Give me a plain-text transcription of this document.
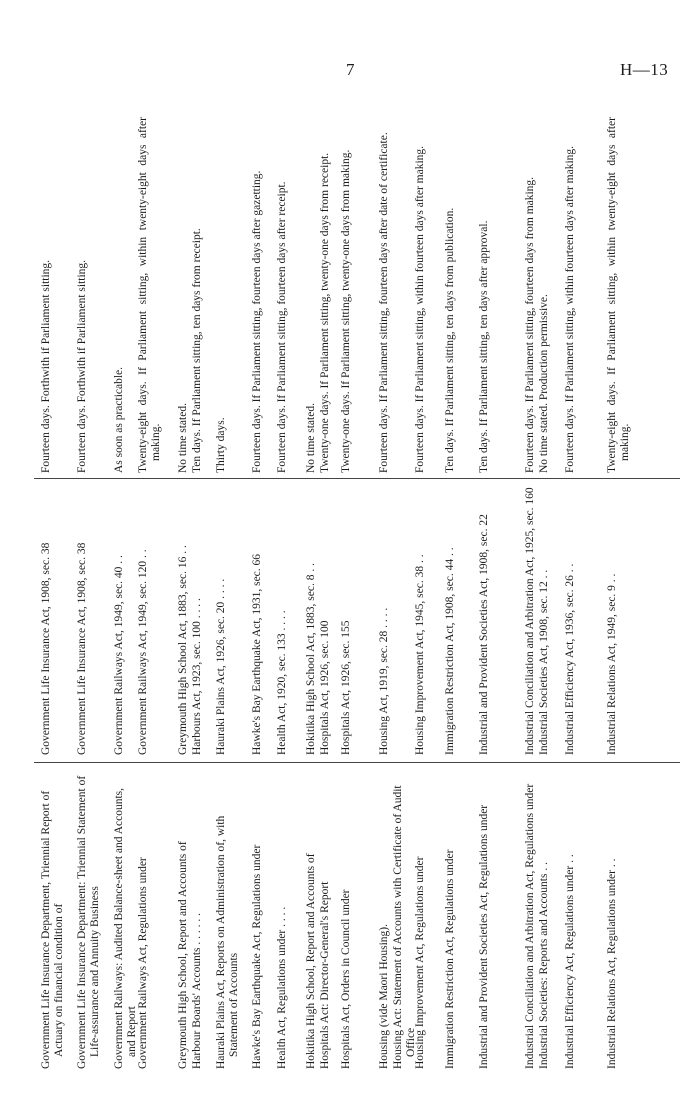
7	H—13
Government Life Insurance Department, Triennial Report of Actuary on financial condition of
Government Life Insurance Act, 1908, sec. 38
Fourteen days. Forthwith if Parliament sitting.
Government Life Insurance Department: Triennial Statement of Life-assurance and Annuity Business
Government Life Insurance Act, 1908, sec. 38
Fourteen days. Forthwith if Parliament sitting.
Government Railways: Audited Balance-sheet and Accounts, and Report
Government Railways Act, 1949, sec. 40 . .
As soon as practicable.
Government Railways Act, Regulations under
Government Railways Act, 1949, sec. 120 . .
Twenty-eight days. If Parliament sitting, within twenty-eight days after making.
Greymouth High School, Report and Accounts of Harbour Boards' Accounts . . . . . .
Greymouth High School Act, 1883, sec. 16 . . Harbours Act, 1923, sec. 100 . . . .
No time stated. Ten days. If Parliament sitting, ten days from receipt.
Hauraki Plains Act, Reports on Administration of, with Statement of Accounts
Hauraki Plains Act, 1926, sec. 20 . . . .
Thirty days.
Hawke's Bay Earthquake Act, Regulations under
Hawke's Bay Earthquake Act, 1931, sec. 66
Fourteen days. If Parliament sitting, fourteen days after gazetting.
Health Act, Regulations under . . . .
Health Act, 1920, sec. 133 . . . .
Fourteen days. If Parliament sitting, fourteen days after receipt.
Hokitika High School, Report and Accounts of Hospitals Act: Director-General's Report
Hokitika High School Act, 1883, sec. 8 . . Hospitals Act, 1926, sec. 100
No time stated. Twenty-one days. If Parliament sitting, twenty-one days from receipt.
Hospitals Act, Orders in Council under
Hospitals Act, 1926, sec. 155
Twenty-one days. If Parliament sitting, twenty-one days from making.
Housing (vide Maori Housing). Housing Act: Statement of Accounts with Certificate of Audit Office
Housing Act, 1919, sec. 28 . . . .
Fourteen days. If Parliament sitting, fourteen days after date of certificate.
Housing Improvement Act, Regulations under
Housing Improvement Act, 1945, sec. 38 . .
Fourteen days. If Parliament sitting, within fourteen days after making.
Immigration Restriction Act, Regulations under
Immigration Restriction Act, 1908, sec. 44 . .
Ten days. If Parliament sitting, ten days from publication.
Industrial and Provident Societies Act, Regulations under
Industrial and Provident Societies Act, 1908, sec. 22
Ten days. If Parliament sitting, ten days after approval.
Industrial Conciliation and Arbitration Act, Regulations under Industrial Societies: Reports and Accounts . .
Industrial Conciliation and Arbitration Act, 1925, sec. 160 Industrial Societies Act, 1908, sec. 12 . .
Fourteen days. If Parliament sitting, fourteen days from making. No time stated. Production permissive.
Industrial Efficiency Act, Regulations under . .
Industrial Efficiency Act, 1936, sec. 26 . .
Fourteen days. If Parliament sitting, within fourteen days after making.
Industrial Relations Act, Regulations under . .
Industrial Relations Act, 1949, sec. 9 . .
Twenty-eight days. If Parliament sitting, within twenty-eight days after making.
